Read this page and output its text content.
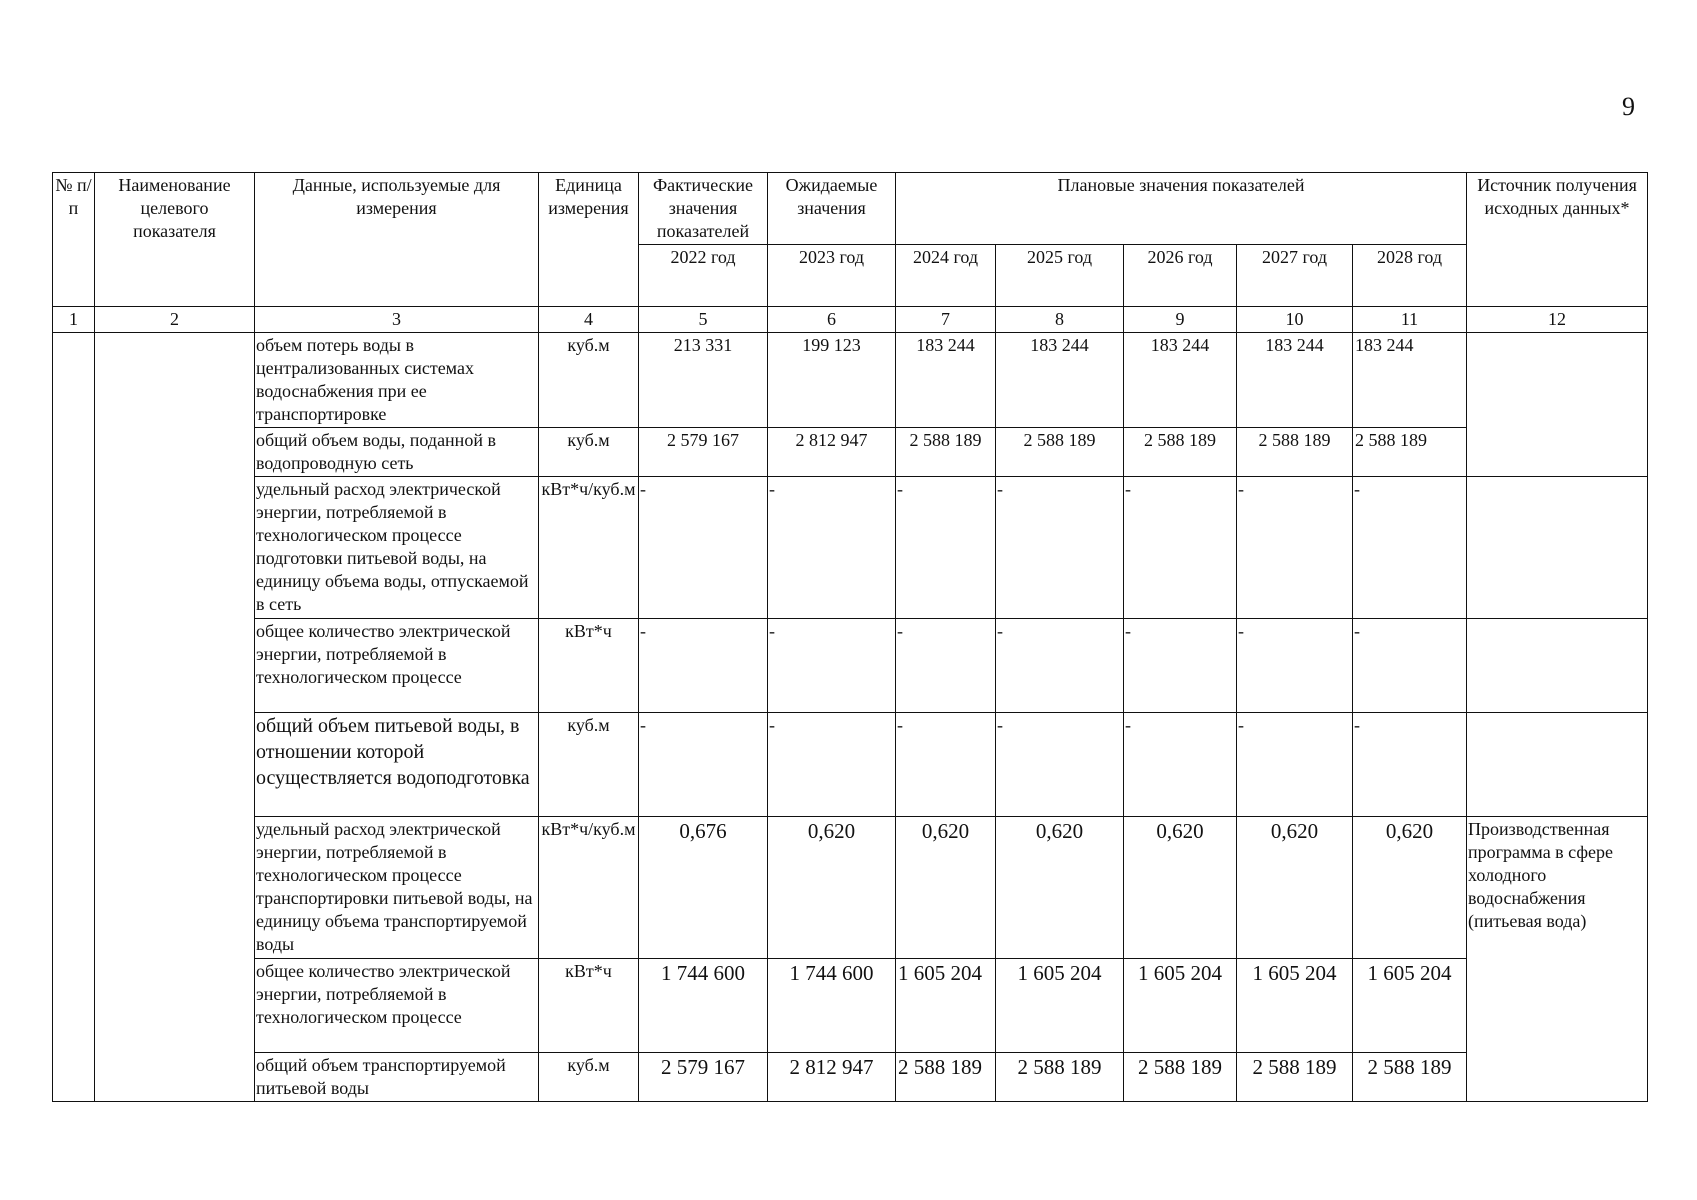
9
№ п/п	Наименование целевого показателя	Данные, используемые для измерения	Единица измерения	Фактические значения показателей	Ожидаемые значения	Плановые значения показателей					Источник получения исходных данных*
				2022 год	2023 год	2024 год	2025 год	2026 год	2027 год	2028 год	
1	2	3	4	5	6	7	8	9	10	11	12
		объем потерь воды в централизованных системах водоснабжения при ее транспортировке	куб.м	213 331	199 123	183 244	183 244	183 244	183 244	183 244	
		общий объем воды, поданной в водопроводную сеть	куб.м	2 579 167	2 812 947	2 588 189	2 588 189	2 588 189	2 588 189	2 588 189	
		удельный расход электрической энергии, потребляемой в технологическом процессе подготовки питьевой воды, на единицу объема воды, отпускаемой в сеть	кВт*ч/куб.м	-	-	-	-	-	-	-	
		общее количество электрической энергии, потребляемой в технологическом процессе	кВт*ч	-	-	-	-	-	-	-	
		общий объем питьевой воды, в отношении которой осуществляется водоподготовка	куб.м	-	-	-	-	-	-	-	
		удельный расход электрической энергии, потребляемой в технологическом процессе транспортировки питьевой воды, на единицу объема транспортируемой воды	кВт*ч/куб.м	0,676	0,620	0,620	0,620	0,620	0,620	0,620	Производственная программа в сфере холодного водоснабжения (питьевая вода)
		общее количество электрической энергии, потребляемой в технологическом процессе	кВт*ч	1 744 600	1 744 600	1 605 204	1 605 204	1 605 204	1 605 204	1 605 204	
		общий объем транспортируемой питьевой воды	куб.м	2 579 167	2 812 947	2 588 189	2 588 189	2 588 189	2 588 189	2 588 189	
